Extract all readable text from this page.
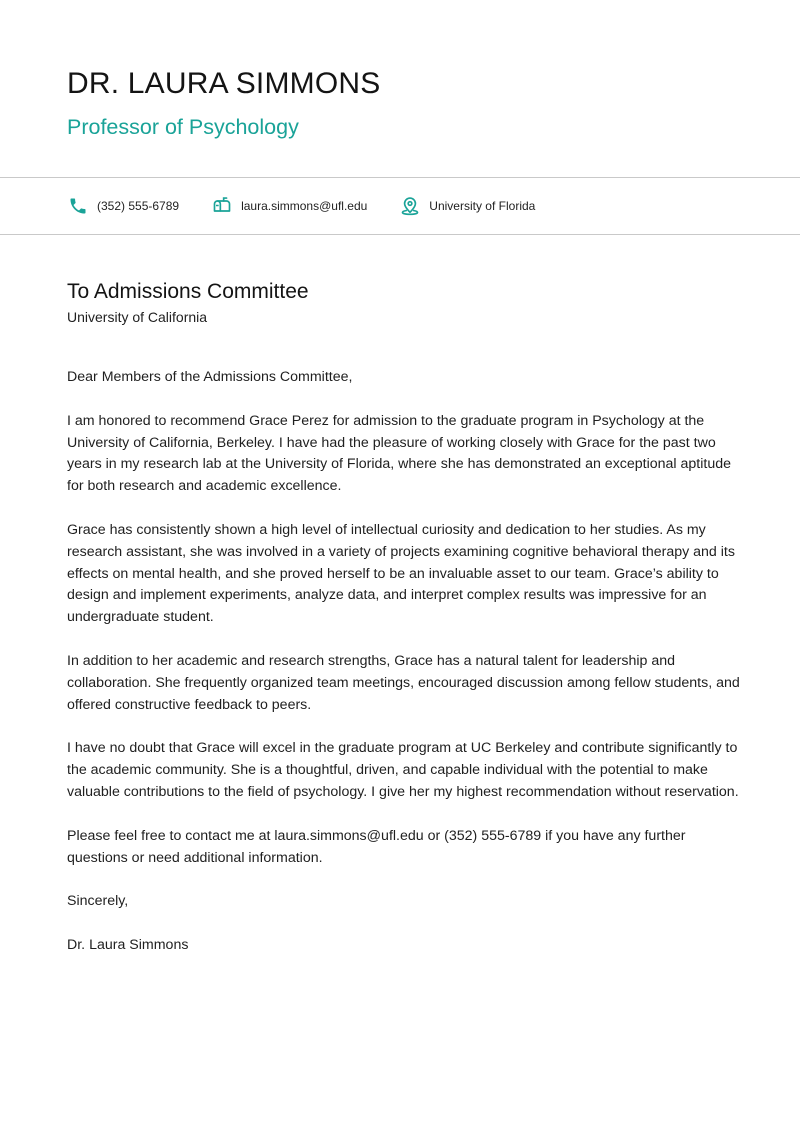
DR. LAURA SIMMONS
Professor of Psychology
(352) 555-6789	laura.simmons@ufl.edu	University of Florida
To Admissions Committee
University of California

Dear Members of the Admissions Committee,

I am honored to recommend Grace Perez for admission to the graduate program in Psychology at the University of California, Berkeley. I have had the pleasure of working closely with Grace for the past two years in my research lab at the University of Florida, where she has demonstrated an exceptional aptitude for both research and academic excellence.

Grace has consistently shown a high level of intellectual curiosity and dedication to her studies. As my research assistant, she was involved in a variety of projects examining cognitive behavioral therapy and its effects on mental health, and she proved herself to be an invaluable asset to our team. Grace’s ability to design and implement experiments, analyze data, and interpret complex results was impressive for an undergraduate student.

In addition to her academic and research strengths, Grace has a natural talent for leadership and collaboration. She frequently organized team meetings, encouraged discussion among fellow students, and offered constructive feedback to peers.

I have no doubt that Grace will excel in the graduate program at UC Berkeley and contribute significantly to the academic community. She is a thoughtful, driven, and capable individual with the potential to make valuable contributions to the field of psychology. I give her my highest recommendation without reservation.

Please feel free to contact me at laura.simmons@ufl.edu or (352) 555-6789 if you have any further questions or need additional information.

Sincerely,

Dr. Laura Simmons
